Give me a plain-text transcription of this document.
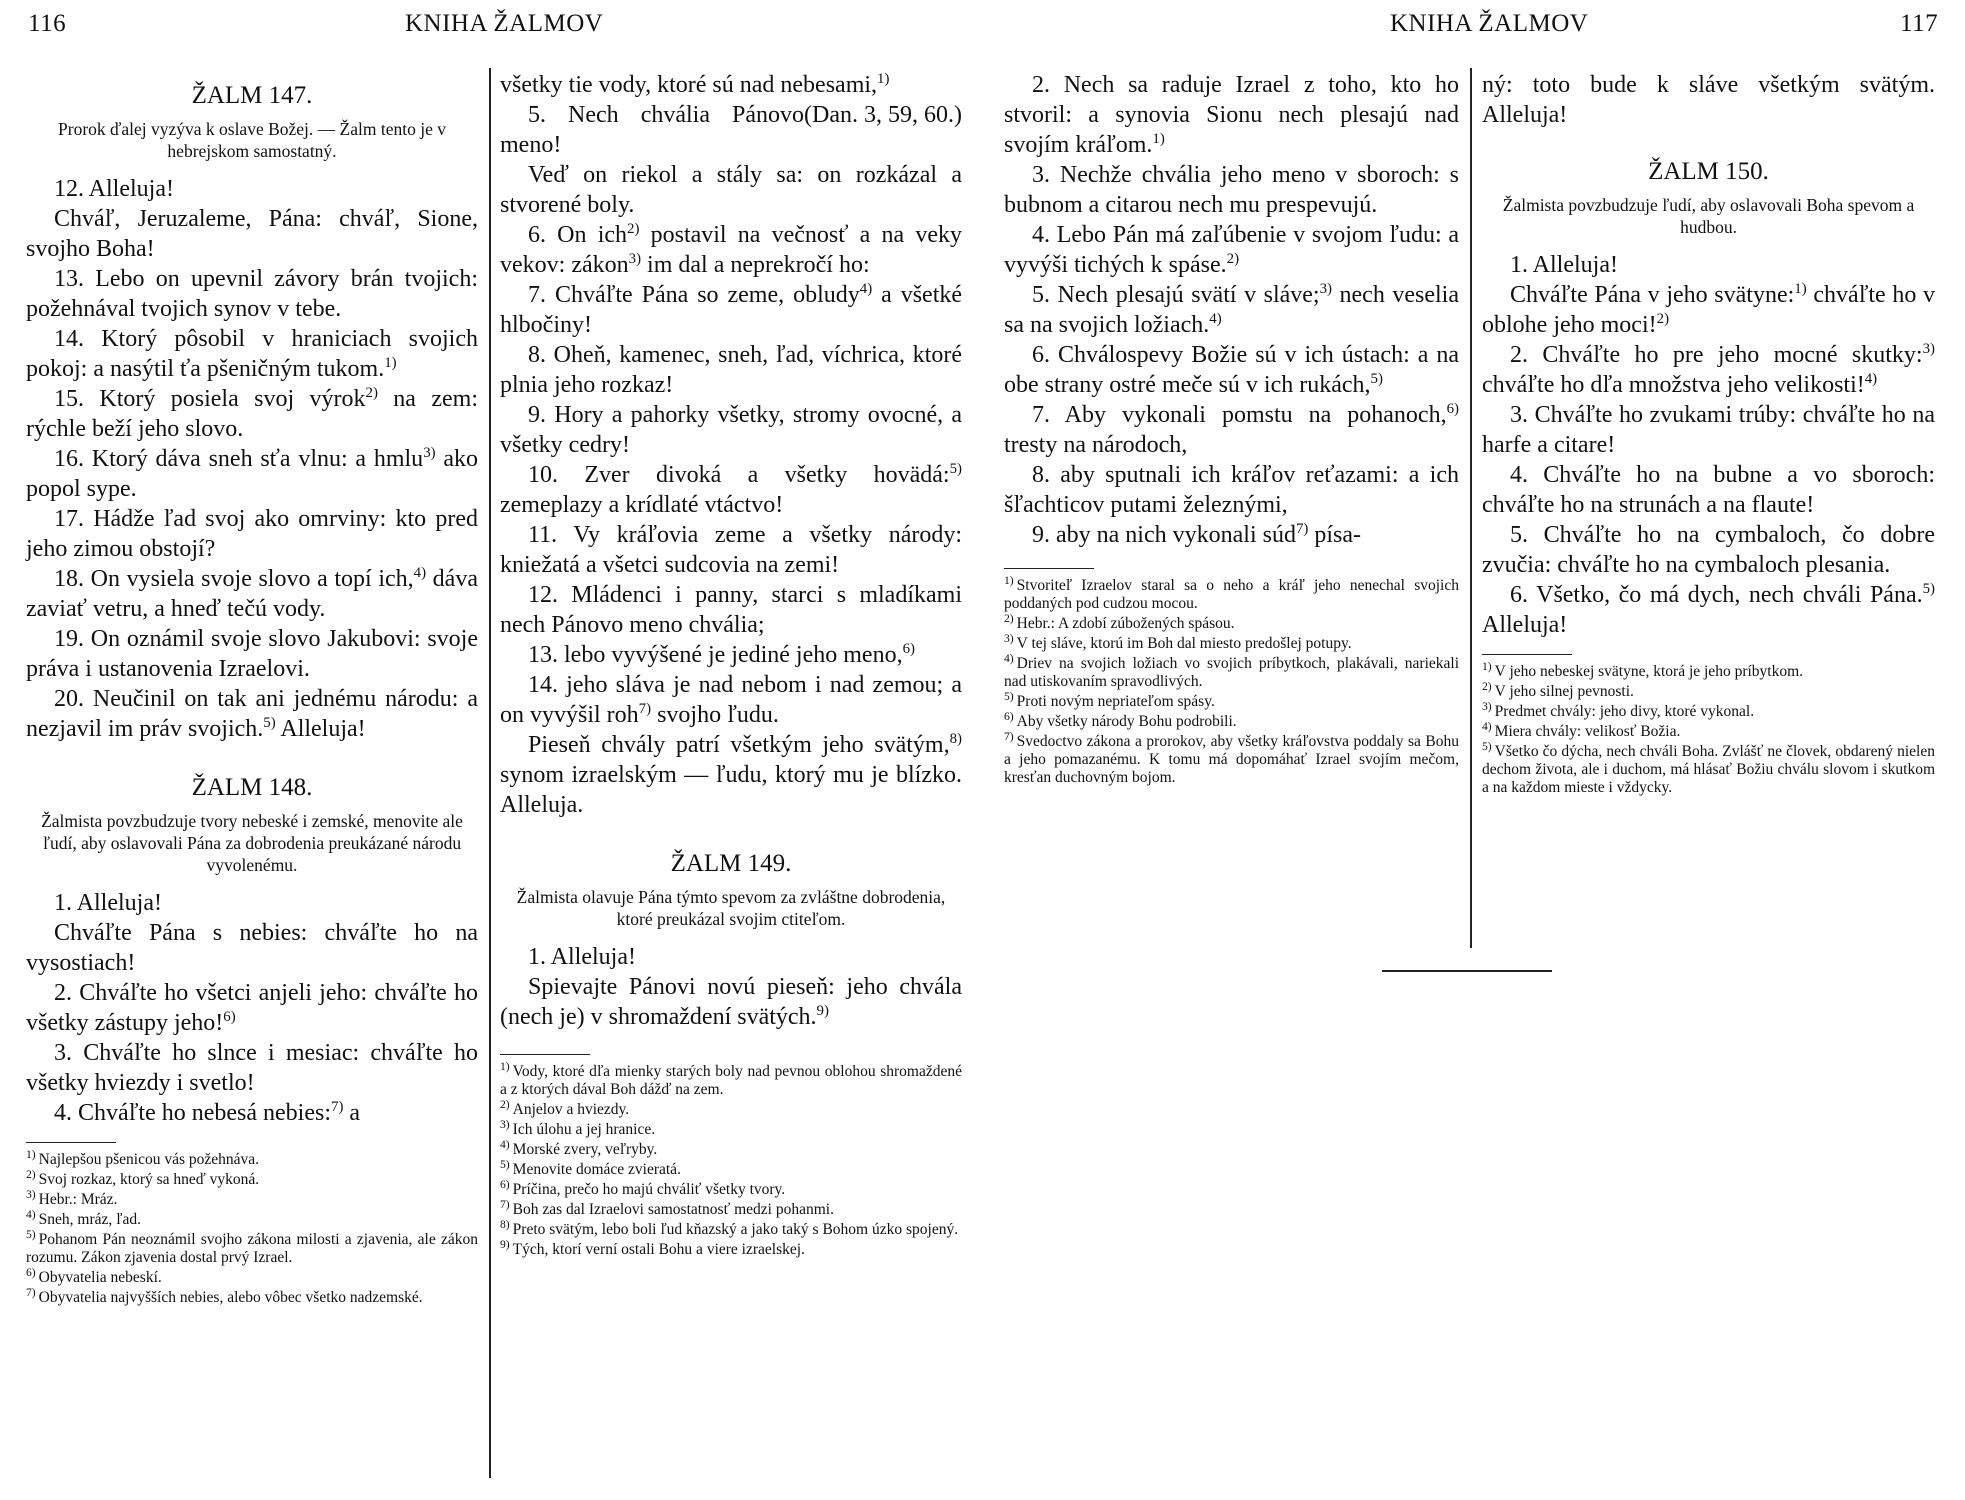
116	KNIHA ŽALMOV
ŽALM 147.

Prorok ďalej vyzýva k oslave Božej. — Žalm tento je v hebrejskom samostatný.

12. Alleluja!

Chváľ, Jeruzaleme, Pána: chváľ, Sione, svojho Boha!

13. Lebo on upevnil závory brán tvojich: požehnával tvojich synov v tebe.

14. Ktorý pôsobil v hraniciach svojich pokoj: a nasýtil ťa pšeničným tukom.$^{1)}$

15. Ktorý posiela svoj výrok$^{2)}$ na zem: rýchle beží jeho slovo.

16. Ktorý dáva sneh sťa vlnu: a hmlu$^{3)}$ ako popol sype.

17. Hádže ľad svoj ako omrviny: kto pred jeho zimou obstojí?

18. On vysiela svoje slovo a topí ich,$^{4)}$ dáva zaviať vetru, a hneď tečú vody.

19. On oznámil svoje slovo Jakubovi: svoje práva i ustanovenia Izraelovi.

20. Neučinil on tak ani jednému národu: a nezjavil im práv svojich.$^{5)}$ Alleluja!

ŽALM 148.

Žalmista povzbudzuje tvory nebeské i zemské, menovite ale ľudí, aby oslavovali Pána za dobrodenia preukázané národu vyvolenému.

1. Alleluja!

Chváľte Pána s nebies: chváľte ho na vysostiach!

2. Chváľte ho všetci anjeli jeho: chváľte ho všetky zástupy jeho!$^{6)}$

3. Chváľte ho slnce i mesiac: chváľte ho všetky hviezdy i svetlo!

4. Chváľte ho nebesá nebies:$^{7)}$ a

$^{1)}$ Najlepšou pšenicou vás požehnáva.

$^{2)}$ Svoj rozkaz, ktorý sa hneď vykoná.

$^{3)}$ Hebr.: Mráz.

$^{4)}$ Sneh, mráz, ľad.

$^{5)}$ Pohanom Pán neoznámil svojho zákona milosti a zjavenia, ale zákon rozumu. Zákon zjavenia dostal prvý Izrael.

$^{6)}$ Obyvatelia nebeskí.

$^{7)}$ Obyvatelia najvyšších nebies, alebo vôbec všetko nadzemské.

všetky tie vody, ktoré sú nad nebesami,$^{1)}$
(Dan. 3, 59, 60.)

5. Nech chvália Pánovo meno!

Veď on riekol a stály sa: on rozkázal a stvorené boly.

6. On ich$^{2)}$ postavil na večnosť a na veky vekov: zákon$^{3)}$ im dal a neprekročí ho:

7. Chváľte Pána so zeme, obludy$^{4)}$ a všetké hlbočiny!

8. Oheň, kamenec, sneh, ľad, víchrica, ktoré plnia jeho rozkaz!

9. Hory a pahorky všetky, stromy ovocné, a všetky cedry!

10. Zver divoká a všetky hovädá:$^{5)}$ zemeplazy a krídlaté vtáctvo!

11. Vy kráľovia zeme a všetky národy: kniežatá a všetci sudcovia na zemi!

12. Mládenci i panny, starci s mladíkami nech Pánovo meno chvália;

13. lebo vyvýšené je jediné jeho meno,$^{6)}$

14. jeho sláva je nad nebom i nad zemou; a on vyvýšil roh$^{7)}$ svojho ľudu.

Pieseň chvály patrí všetkým jeho svätým,$^{8)}$ synom izraelským — ľudu, ktorý mu je blízko. Alleluja.

ŽALM 149.

Žalmista olavuje Pána týmto spevom za zvláštne dobrodenia, ktoré preukázal svojim ctiteľom.

1. Alleluja!

Spievajte Pánovi novú pieseň: jeho chvála (nech je) v shromaždení svätých.$^{9)}$

$^{1)}$ Vody, ktoré dľa mienky starých boly nad pevnou oblohou shromaždené a z ktorých dával Boh dážď na zem.

$^{2)}$ Anjelov a hviezdy.

$^{3)}$ Ich úlohu a jej hranice.

$^{4)}$ Morské zvery, veľryby.

$^{5)}$ Menovite domáce zvieratá.

$^{6)}$ Príčina, prečo ho majú chváliť všetky tvory.

$^{7)}$ Boh zas dal Izraelovi samostatnosť medzi pohanmi.

$^{8)}$ Preto svätým, lebo boli ľud kňazský a jako taký s Bohom úzko spojený.

$^{9)}$ Tých, ktorí verní ostali Bohu a viere izraelskej.

KNIHA ŽALMOV	117

2. Nech sa raduje Izrael z toho, kto ho stvoril: a synovia Sionu nech plesajú nad svojím kráľom.$^{1)}$

3. Nechže chvália jeho meno v sboroch: s bubnom a citarou nech mu prespevujú.

4. Lebo Pán má zaľúbenie v svojom ľudu: a vyvýši tichých k spáse.$^{2)}$

5. Nech plesajú svätí v sláve;$^{3)}$ nech veselia sa na svojich ložiach.$^{4)}$

6. Chválospevy Božie sú v ich ústach: a na obe strany ostré meče sú v ich rukách,$^{5)}$

7. Aby vykonali pomstu na pohanoch,$^{6)}$ tresty na národoch,

8. aby sputnali ich kráľov reťazami: a ich šľachticov putami železnými,

9. aby na nich vykonali súd$^{7)}$ písa-

$^{1)}$ Stvoriteľ Izraelov staral sa o neho a kráľ jeho nenechal svojich poddaných pod cudzou mocou.

$^{2)}$ Hebr.: A zdobí zúbožených spásou.

$^{3)}$ V tej sláve, ktorú im Boh dal miesto predošlej potupy.

$^{4)}$ Driev na svojich ložiach vo svojich príbytkoch, plakávali, nariekali nad utiskovaním spravodlivých.

$^{5)}$ Proti novým nepriateľom spásy.

$^{6)}$ Aby všetky národy Bohu podrobili.

$^{7)}$ Svedoctvo zákona a prorokov, aby všetky kráľovstva poddaly sa Bohu a jeho pomazanému. K tomu má dopomáhať Izrael svojím mečom, kresťan duchovným bojom.

ný: toto bude k sláve všetkým svätým. Alleluja!

ŽALM 150.

Žalmista povzbudzuje ľudí, aby oslavovali Boha spevom a hudbou.

1. Alleluja!

Chváľte Pána v jeho svätyne:$^{1)}$ chváľte ho v oblohe jeho moci!$^{2)}$

2. Chváľte ho pre jeho mocné skutky:$^{3)}$ chváľte ho dľa množstva jeho velikosti!$^{4)}$

3. Chváľte ho zvukami trúby: chváľte ho na harfe a citare!

4. Chváľte ho na bubne a vo sboroch: chváľte ho na strunách a na flaute!

5. Chváľte ho na cymbaloch, čo dobre zvučia: chváľte ho na cymbaloch plesania.

6. Všetko, čo má dych, nech chváli Pána.$^{5)}$ Alleluja!

$^{1)}$ V jeho nebeskej svätyne, ktorá je jeho príbytkom.

$^{2)}$ V jeho silnej pevnosti.

$^{3)}$ Predmet chvály: jeho divy, ktoré vykonal.

$^{4)}$ Miera chvály: velikosť Božia.

$^{5)}$ Všetko čo dýcha, nech chváli Boha. Zvlášť ne človek, obdarený nielen dechom života, ale i duchom, má hlásať Božiu chválu slovom i skutkom a na každom mieste i vždycky.
